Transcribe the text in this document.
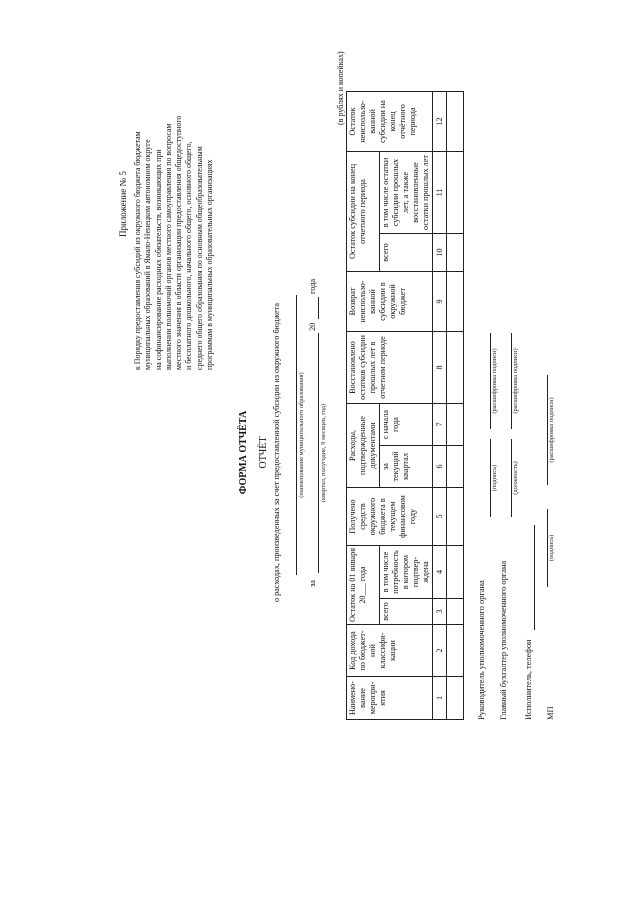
Приложение № 5 к Порядку предоставления субсидий из окружного бюджета бюджетам муниципальных образований в Ямало-Ненецком автономном округе на софинансирование расходных обязательств, возникающих при выполнении полномочий органов местного самоуправления по вопросам местного значения в области организации предоставления общедоступного и бесплатного дошкольного, начального общего, основного общего, среднего общего образования по основным общеобразовательным программам в муниципальных образовательных организациях
ФОРМА ОТЧЁТА ОТЧЁТ о расходах, произведенных за счет предоставленной субсидии из окружного бюджета	(наименование муниципального образования)
за
20
года
(квартал, полугодие, 9 месяцев, год)
(в рублях и копейках)
Наимено-вание меропри-ятия	Код дохода по бюджет-ной классифи-кации	Остаток на 01 января 20___ года		Получено средств окружного бюджета в текущем финансовом году	Расходы, подтвержденные документами		Восстановлено остатков субсидии прошлых лет в отчетном периоде	Возврат неиспользо-ванной субсидии в окружной бюджет	Остаток субсидии на конец отчетного периода		Остаток неиспользо-ванной субсидии на конец отчётного периода
		всего	в том числе потребность в котором подтвер-ждена		за текущий квартал	с начала года			всего	в том числе остатки субсидии прошлых лет, а также восстановленные остатки прошлых лет	
1	2	3	4	5	6	7	8	9	10	11	12

Руководитель уполномоченного органа
(подпись)
(расшифровка подписи)
Главный бухгалтер уполномоченного органа
(должность)
(расшифровка подписи)
Исполнитель, телефон
(подпись)
(расшифровка подписи)
МП
